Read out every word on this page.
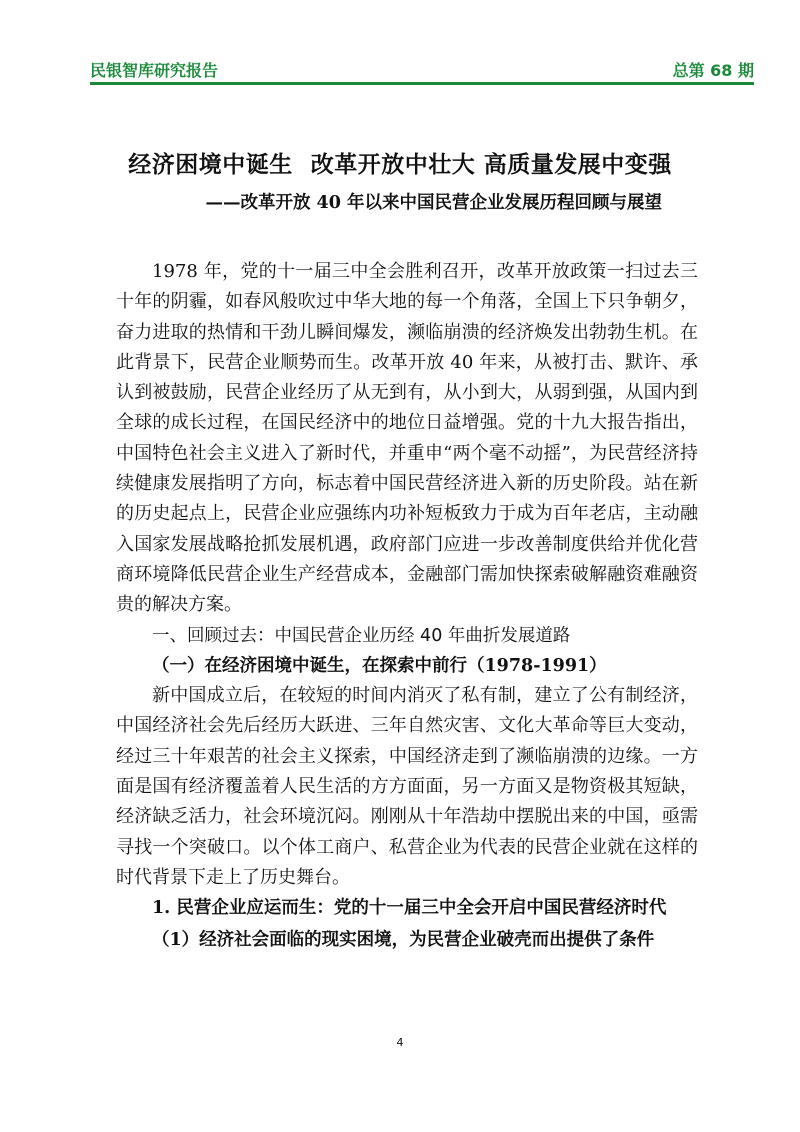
民银智库研究报告	总第 68 期
经济困境中诞生 改革开放中壮大 高质量发展中变强
——改革开放 40 年以来中国民营企业发展历程回顾与展望

1978 年，党的十一届三中全会胜利召开，改革开放政策一扫过去三十年的阴霾，如春风般吹过中华大地的每一个角落，全国上下只争朝夕，奋力进取的热情和干劲儿瞬间爆发，濒临崩溃的经济焕发出勃勃生机。在此背景下，民营企业顺势而生。改革开放 40 年来，从被打击、默许、承认到被鼓励，民营企业经历了从无到有，从小到大，从弱到强，从国内到全球的成长过程，在国民经济中的地位日益增强。党的十九大报告指出，中国特色社会主义进入了新时代，并重申“两个毫不动摇”，为民营经济持续健康发展指明了方向，标志着中国民营经济进入新的历史阶段。站在新的历史起点上，民营企业应强练内功补短板致力于成为百年老店，主动融入国家发展战略抢抓发展机遇，政府部门应进一步改善制度供给并优化营商环境降低民营企业生产经营成本，金融部门需加快探索破解融资难融资贵的解决方案。

一、回顾过去：中国民营企业历经 40 年曲折发展道路

（一）在经济困境中诞生，在探索中前行（1978-1991）

新中国成立后，在较短的时间内消灭了私有制，建立了公有制经济，中国经济社会先后经历大跃进、三年自然灾害、文化大革命等巨大变动，经过三十年艰苦的社会主义探索，中国经济走到了濒临崩溃的边缘。一方面是国有经济覆盖着人民生活的方方面面，另一方面又是物资极其短缺，经济缺乏活力，社会环境沉闷。刚刚从十年浩劫中摆脱出来的中国，亟需寻找一个突破口。以个体工商户、私营企业为代表的民营企业就在这样的时代背景下走上了历史舞台。

1. 民营企业应运而生：党的十一届三中全会开启中国民营经济时代

（1）经济社会面临的现实困境，为民营企业破壳而出提供了条件

4
